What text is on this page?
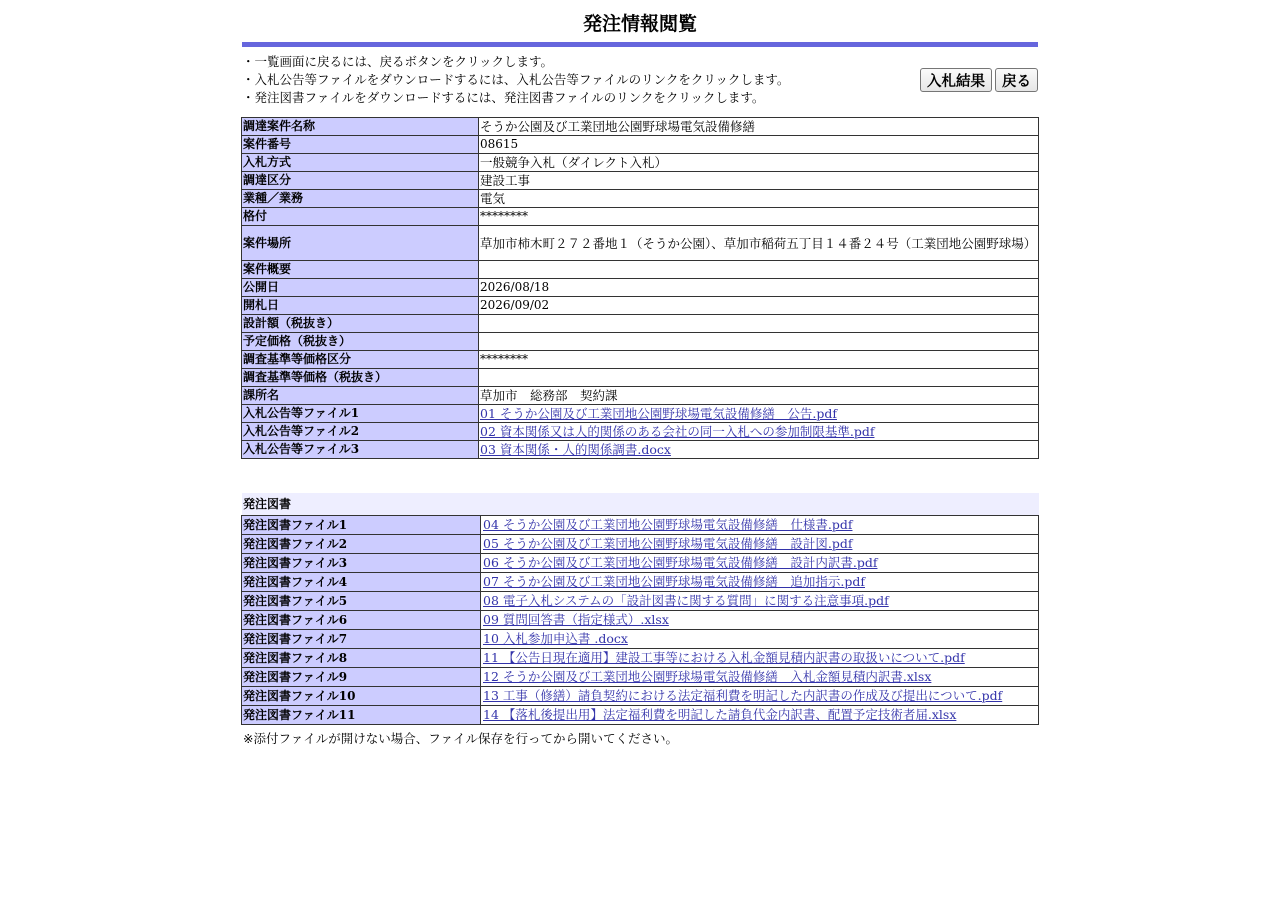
発注情報閲覧
・一覧画面に戻るには、戻るボタンをクリックします。
・入札公告等ファイルをダウンロードするには、入札公告等ファイルのリンクをクリックします。
・発注図書ファイルをダウンロードするには、発注図書ファイルのリンクをクリックします。
入札結果	戻る
調達案件名称	そうか公園及び工業団地公園野球場電気設備修繕
案件番号	08615
入札方式	一般競争入札（ダイレクト入札）
調達区分	建設工事
業種／業務	電気
格付	********
案件場所	草加市柿木町２７２番地１（そうか公園）、草加市稲荷五丁目１４番２４号（工業団地公園野球場）
案件概要	
公開日	2026/08/18
開札日	2026/09/02
設計額（税抜き）	
予定価格（税抜き）	
調査基準等価格区分	********
調査基準等価格（税抜き）	
課所名	草加市　総務部　契約課
入札公告等ファイル1	01 そうか公園及び工業団地公園野球場電気設備修繕　公告.pdf
入札公告等ファイル2	02 資本関係又は人的関係のある会社の同一入札への参加制限基準.pdf
入札公告等ファイル3	03 資本関係・人的関係調書.docx
発注図書
発注図書ファイル1	04 そうか公園及び工業団地公園野球場電気設備修繕　仕様書.pdf
発注図書ファイル2	05 そうか公園及び工業団地公園野球場電気設備修繕　設計図.pdf
発注図書ファイル3	06 そうか公園及び工業団地公園野球場電気設備修繕　設計内訳書.pdf
発注図書ファイル4	07 そうか公園及び工業団地公園野球場電気設備修繕　追加指示.pdf
発注図書ファイル5	08 電子入札システムの「設計図書に関する質問」に関する注意事項.pdf
発注図書ファイル6	09 質問回答書（指定様式）.xlsx
発注図書ファイル7	10 入札参加申込書 .docx
発注図書ファイル8	11 【公告日現在適用】建設工事等における入札金額見積内訳書の取扱いについて.pdf
発注図書ファイル9	12 そうか公園及び工業団地公園野球場電気設備修繕　入札金額見積内訳書.xlsx
発注図書ファイル10	13 工事（修繕）請負契約における法定福利費を明記した内訳書の作成及び提出について.pdf
発注図書ファイル11	14 【落札後提出用】法定福利費を明記した請負代金内訳書、配置予定技術者届.xlsx
※添付ファイルが開けない場合、ファイル保存を行ってから開いてください。
